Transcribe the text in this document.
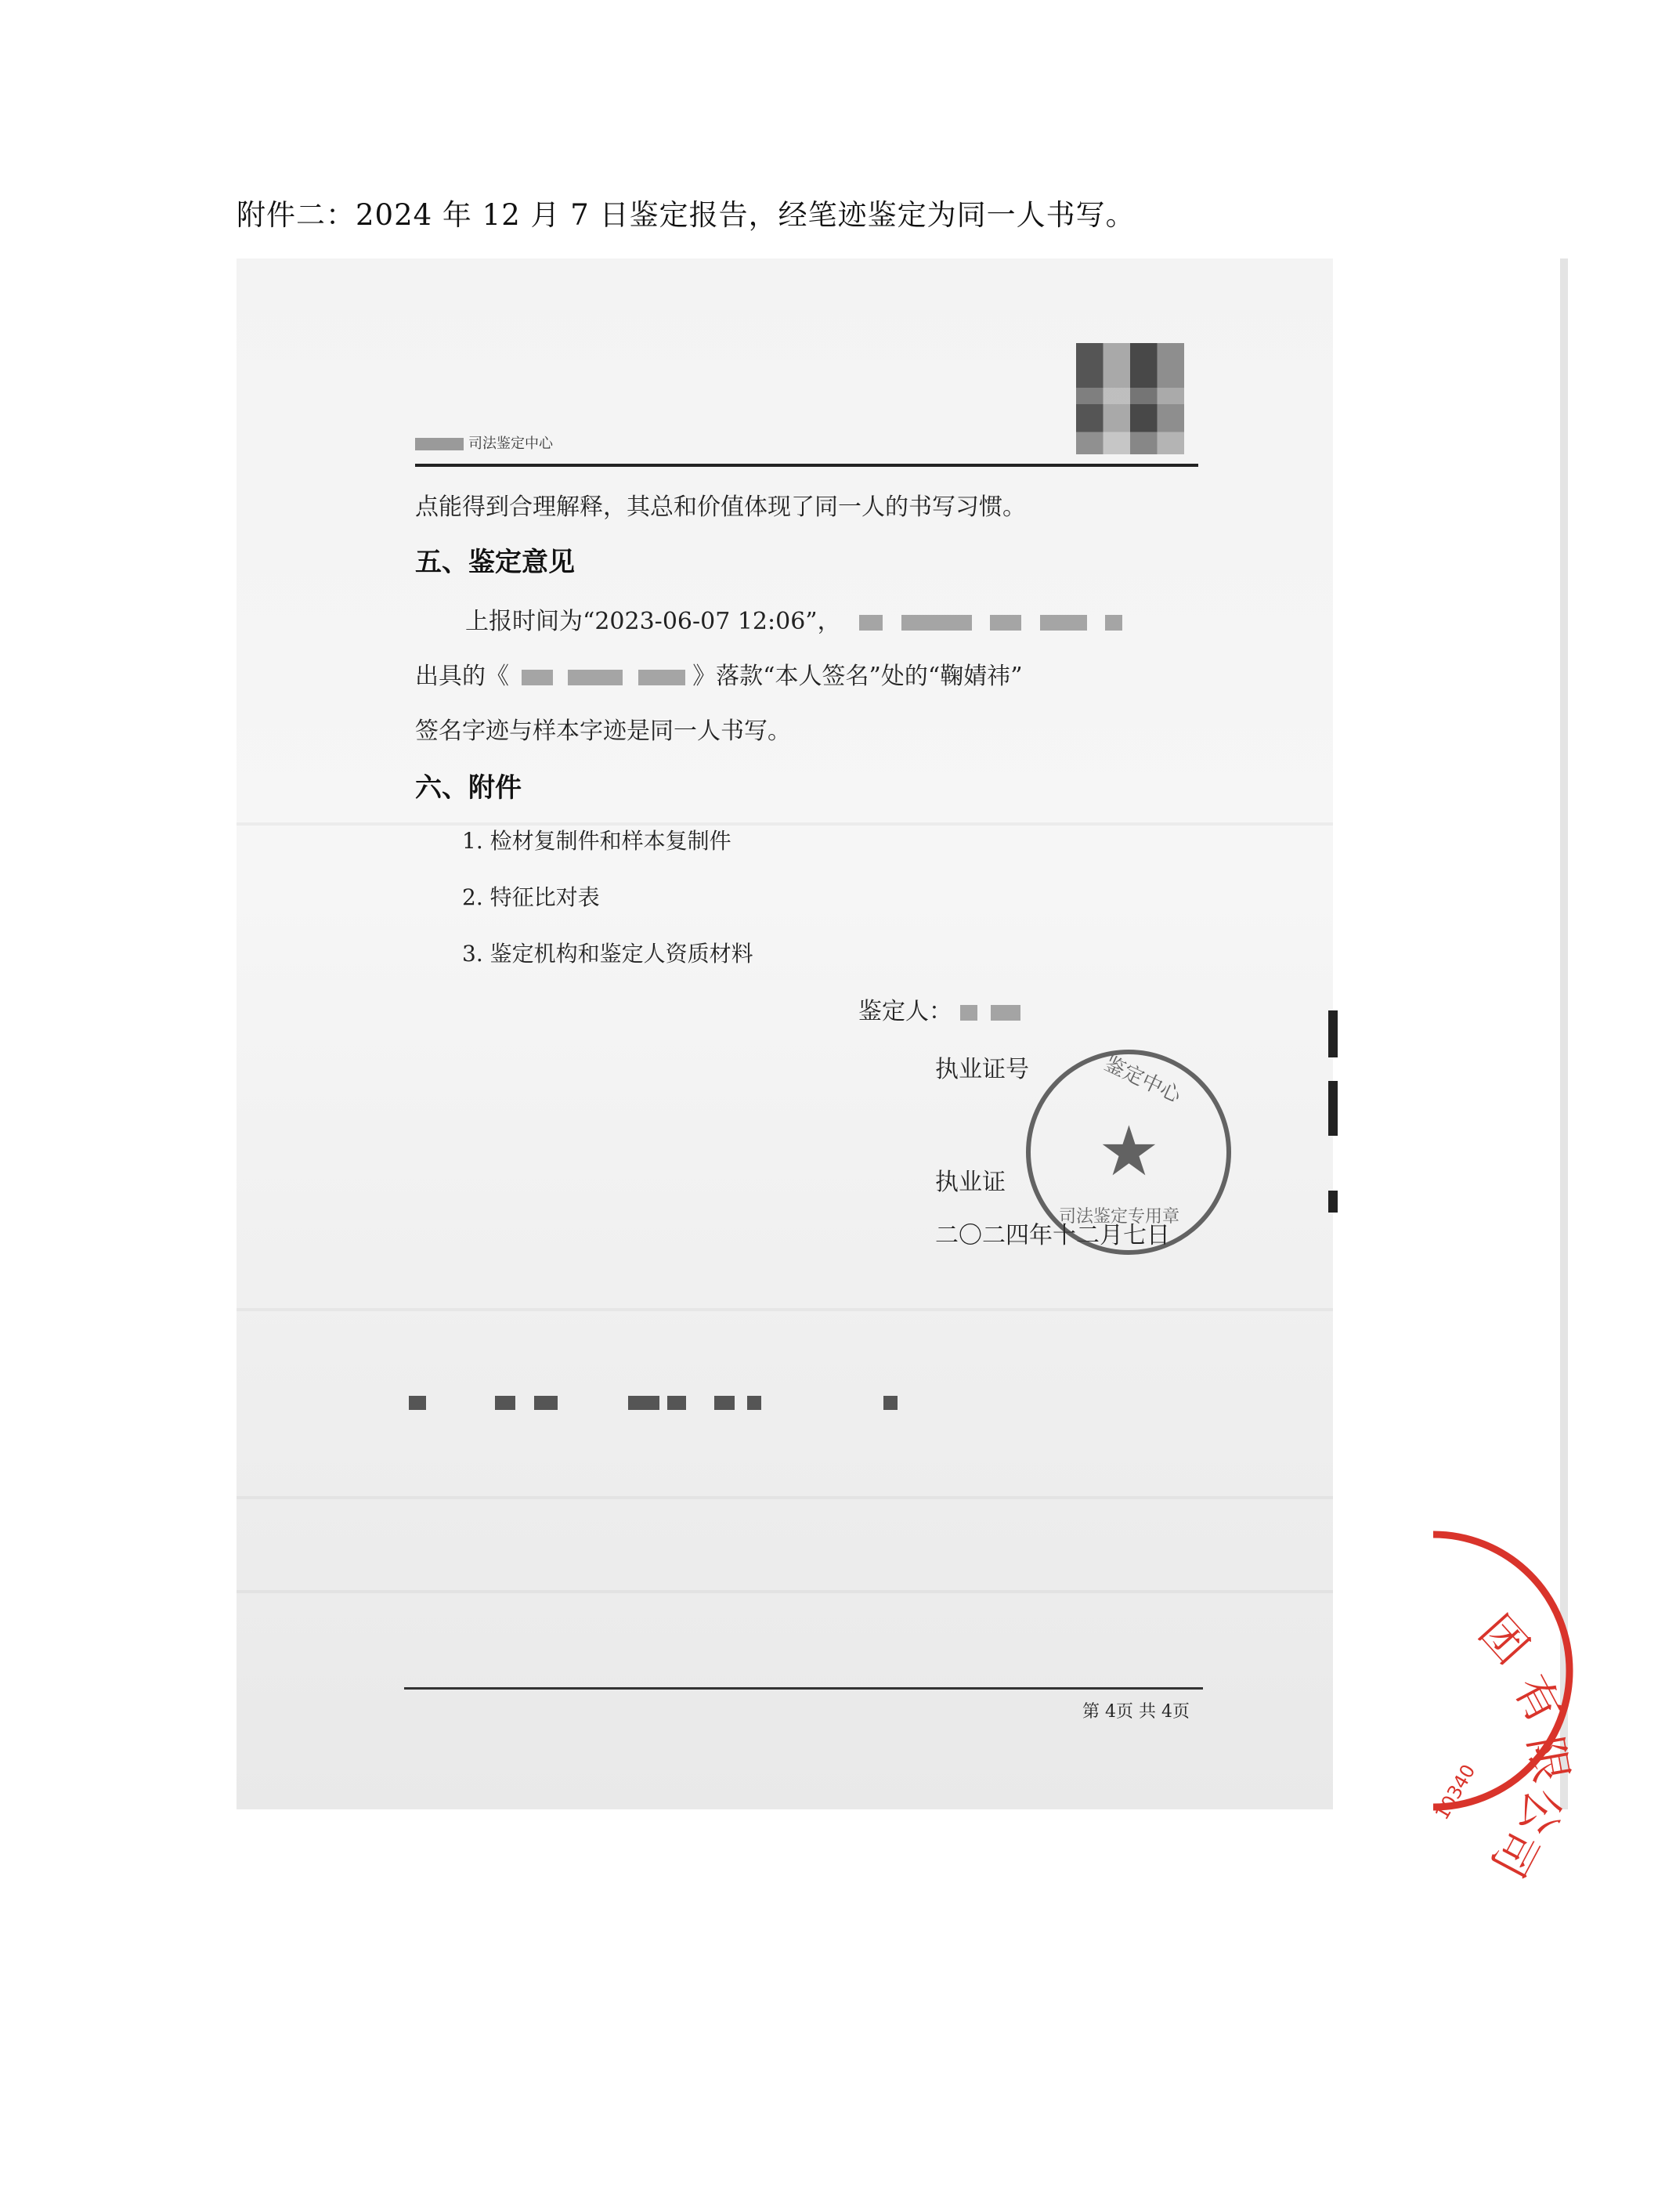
附件二：2024 年 12 月 7 日鉴定报告，经笔迹鉴定为同一人书写。
司法鉴定中心
点能得到合理解释，其总和价值体现了同一人的书写习惯。
五、鉴定意见
上报时间为“2023-06-07 12:06”，
出具的《	》落款“本人签名”处的“鞠婧祎”
签名字迹与样本字迹是同一人书写。
六、附件
1. 检材复制件和样本复制件
2. 特征比对表
3. 鉴定机构和鉴定人资质材料
鉴定人：
执业证号
执业证
二〇二四年十二月七日
鉴定中心
★
司法鉴定专用章
第 4页 共 4页
团
有
限
公
司
10340
